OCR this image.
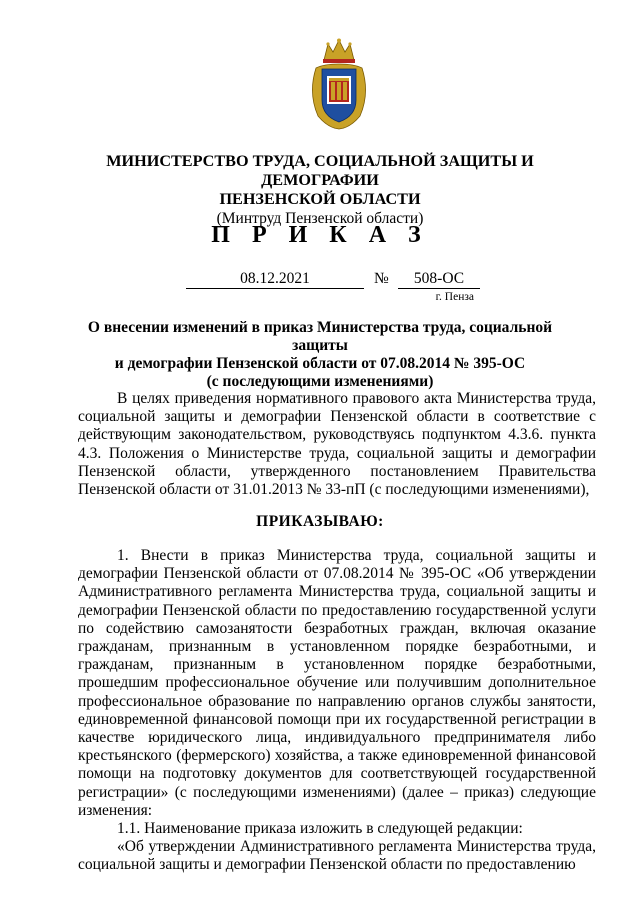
МИНИСТЕРСТВО ТРУДА, СОЦИАЛЬНОЙ ЗАЩИТЫ И ДЕМОГРАФИИ
ПЕНЗЕНСКОЙ ОБЛАСТИ
(Минтруд Пензенской области)
П Р И К А З
08.12.2021	№	508-ОС
г. Пенза
О внесении изменений в приказ Министерства труда, социальной защиты
и демографии Пензенской области от 07.08.2014 № 395-ОС
(с последующими изменениями)

В целях приведения нормативного правового акта Министерства труда, социальной защиты и демографии Пензенской области в соответствие с действующим законодательством, руководствуясь подпунктом 4.3.6. пункта 4.3. Положения о Министерстве труда, социальной защиты и демографии Пензенской области, утвержденного постановлением Правительства Пензенской области от 31.01.2013 № 33-пП (с последующими изменениями),

ПРИКАЗЫВАЮ:

1. Внести в приказ Министерства труда, социальной защиты и демографии Пензенской области от 07.08.2014 № 395-ОС «Об утверждении Административного регламента Министерства труда, социальной защиты и демографии Пензенской области по предоставлению государственной услуги по содействию самозанятости безработных граждан, включая оказание гражданам, признанным в установленном порядке безработными, и гражданам, признанным в установленном порядке безработными, прошедшим профессиональное обучение или получившим дополнительное профессиональное образование по направлению органов службы занятости, единовременной финансовой помощи при их государственной регистрации в качестве юридического лица, индивидуального предпринимателя либо крестьянского (фермерского) хозяйства, а также единовременной финансовой помощи на подготовку документов для соответствующей государственной регистрации» (с последующими изменениями) (далее – приказ) следующие изменения:

1.1. Наименование приказа изложить в следующей редакции:

«Об утверждении Административного регламента Министерства труда, социальной защиты и демографии Пензенской области по предоставлению
